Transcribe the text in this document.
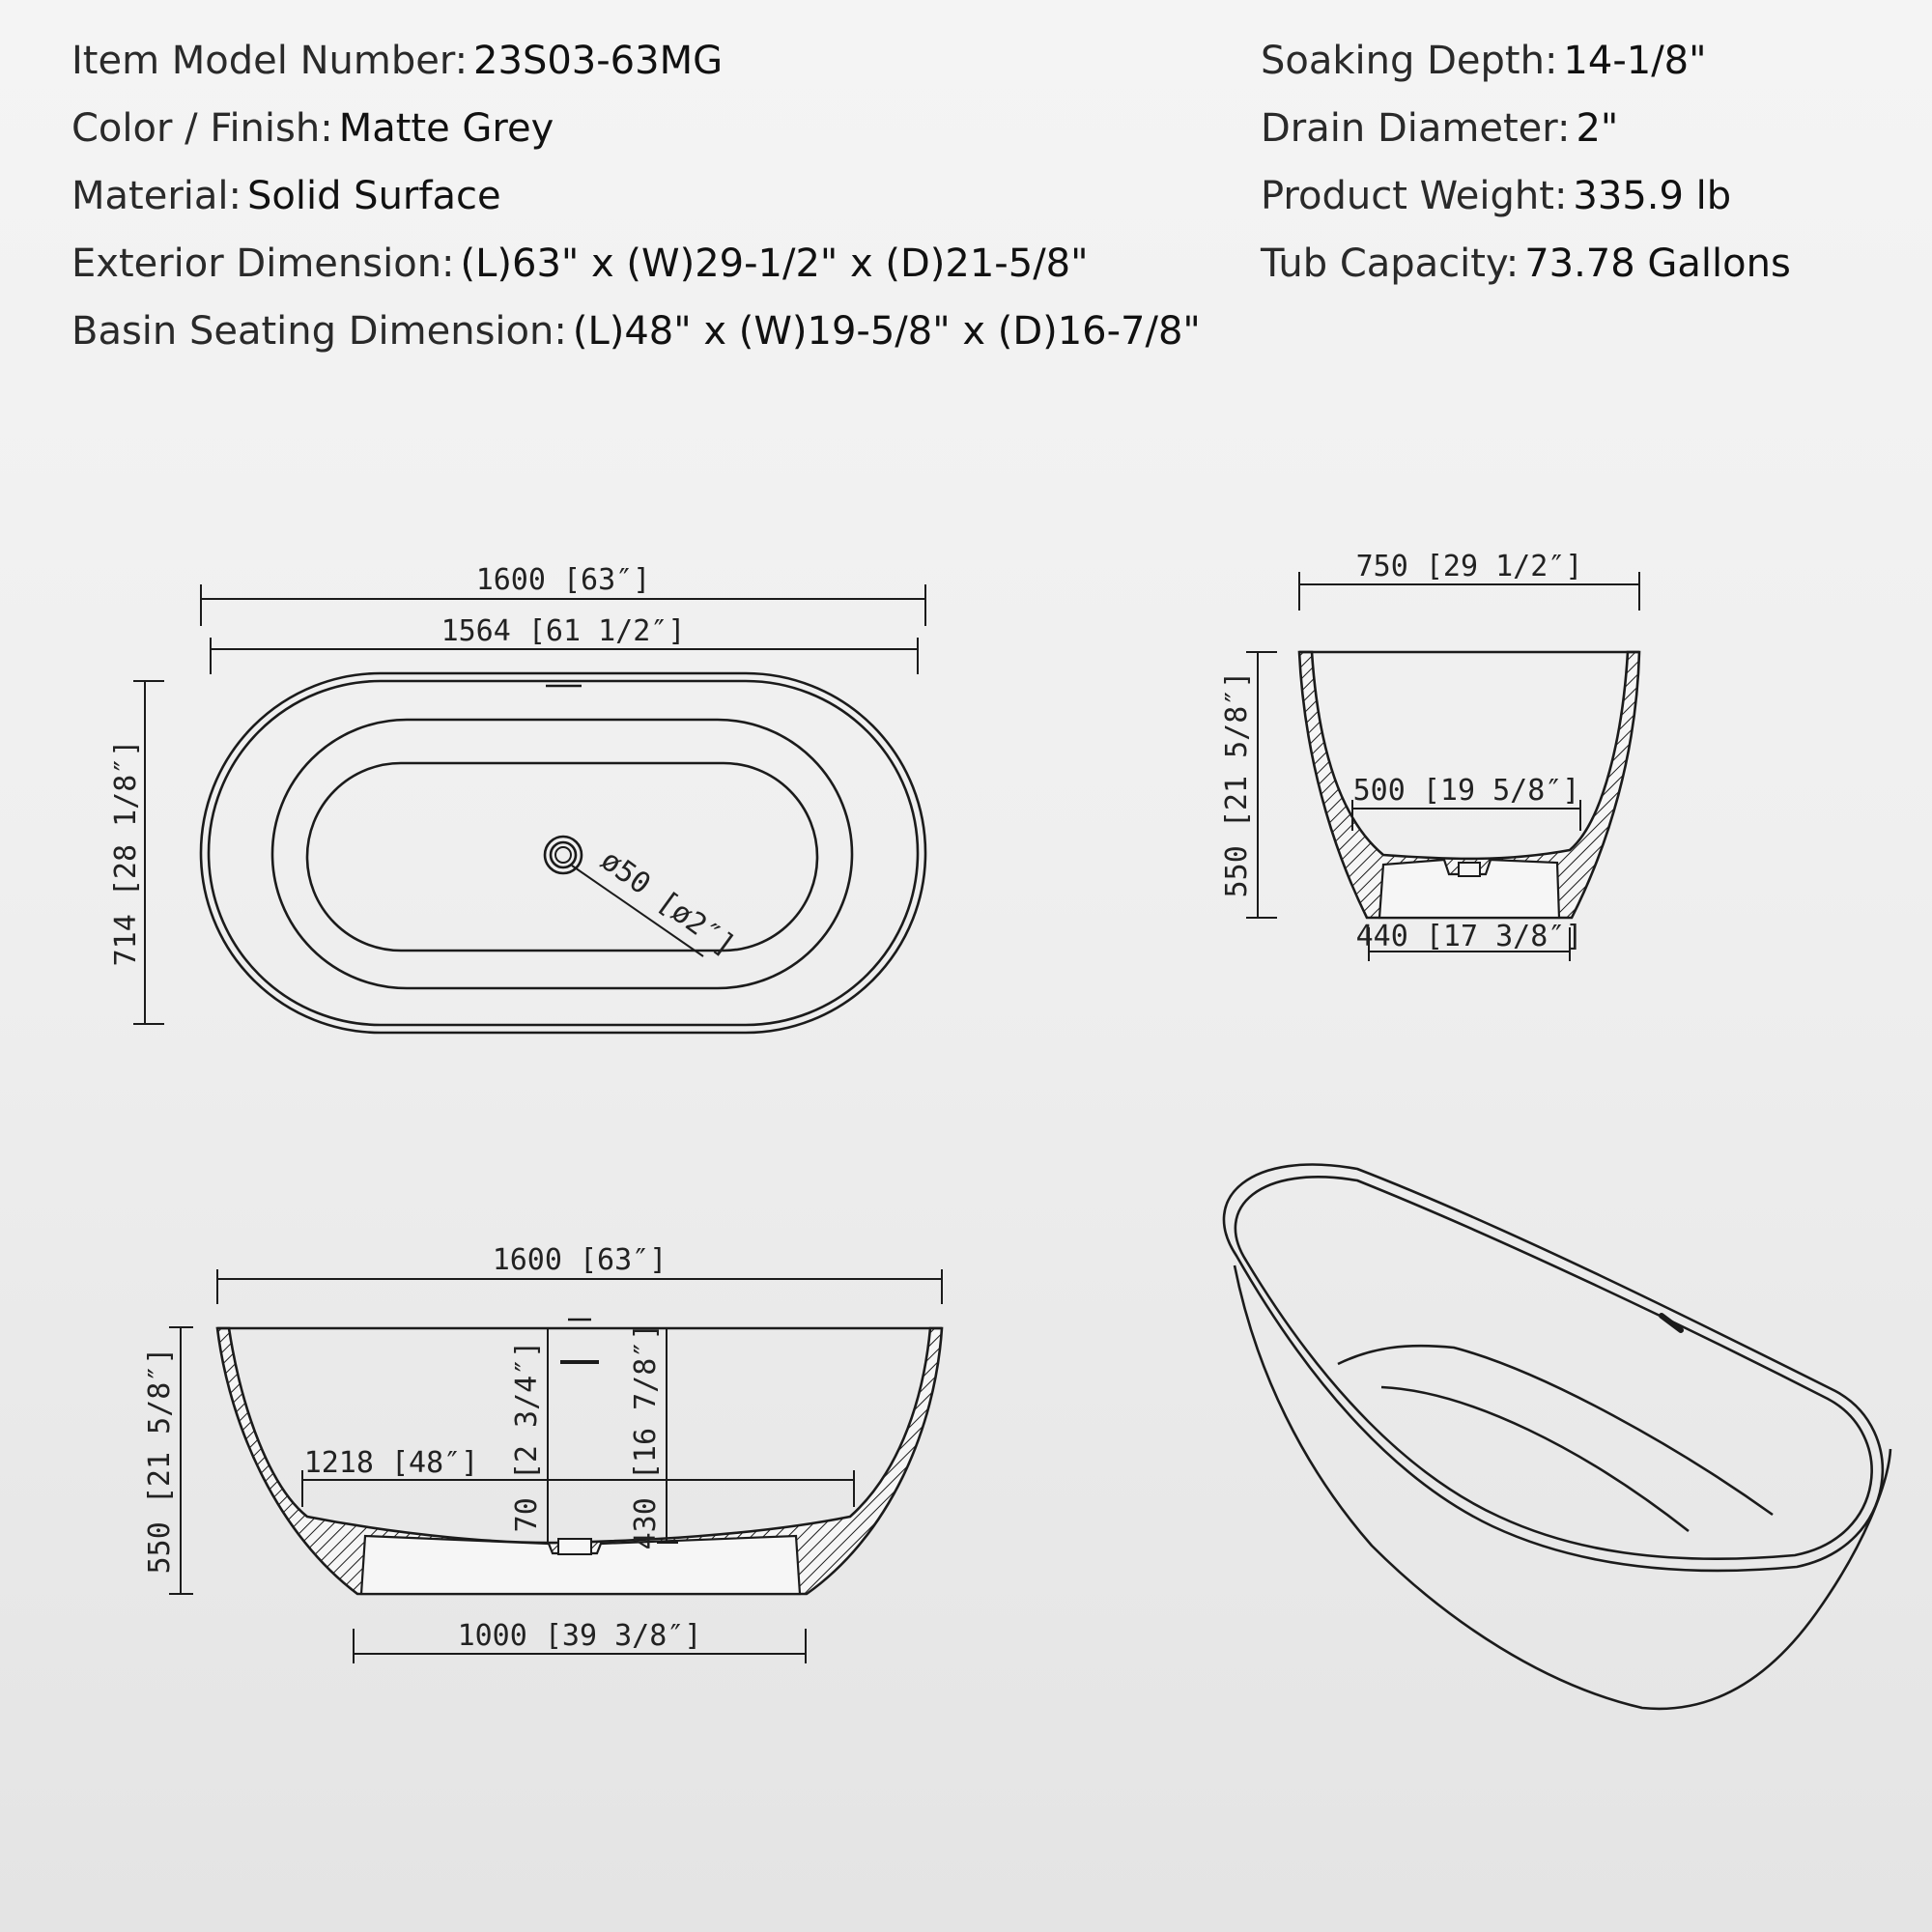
Item Model Number: 23S03-63MG
Color / Finish: Matte Grey
Material: Solid Surface
Exterior Dimension: (L)63" x (W)29-1/2" x (D)21-5/8"
Basin Seating Dimension: (L)48" x (W)19-5/8" x (D)16-7/8"
Soaking Depth: 14-1/8"
Drain Diameter: 2"
Product Weight: 335.9 lb
Tub Capacity: 73.78 Gallons
1600 [63″]
1564 [61 1/2″]
714 [28 1/8″]	ø50 [ø2″]
750 [29 1/2″]
550 [21 5/8″]	500 [19 5/8″]
440 [17 3/8″]
1600 [63″]
550 [21 5/8″]	70 [2 3/4″]	430 [16 7/8″]
1218 [48″]
1000 [39 3/8″]
